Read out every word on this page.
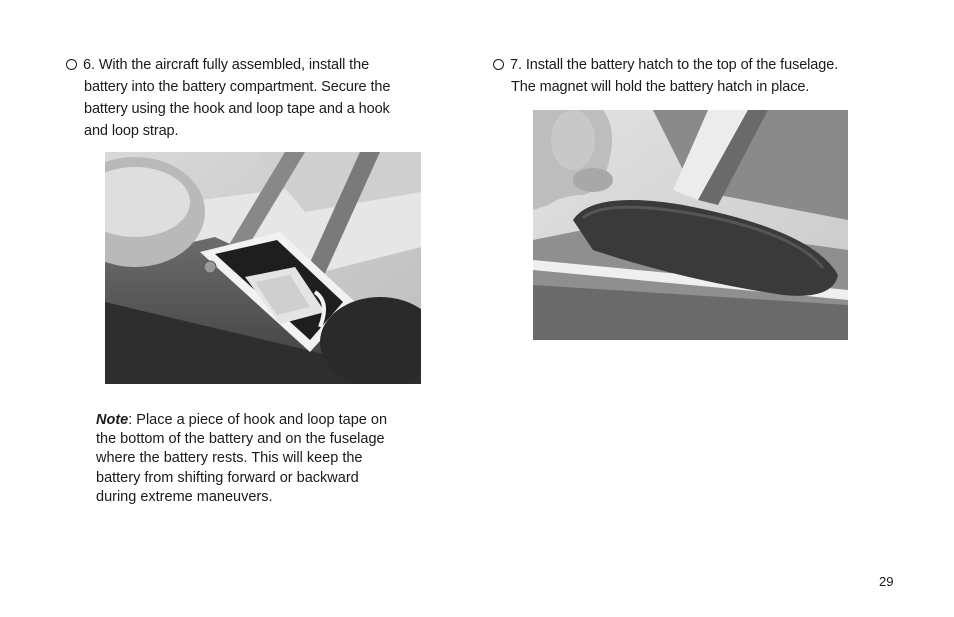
6. With the aircraft fully assembled, install the
battery into the battery compartment. Secure the
battery using the hook and loop tape and a hook
and loop strap.
7. Install the battery hatch to the top of the fuselage.
The magnet will hold the battery hatch in place.
Note: Place a piece of hook and loop tape on
the bottom of the battery and on the fuselage
where the battery rests. This will keep the
battery from shifting forward or backward
during extreme maneuvers.
29
